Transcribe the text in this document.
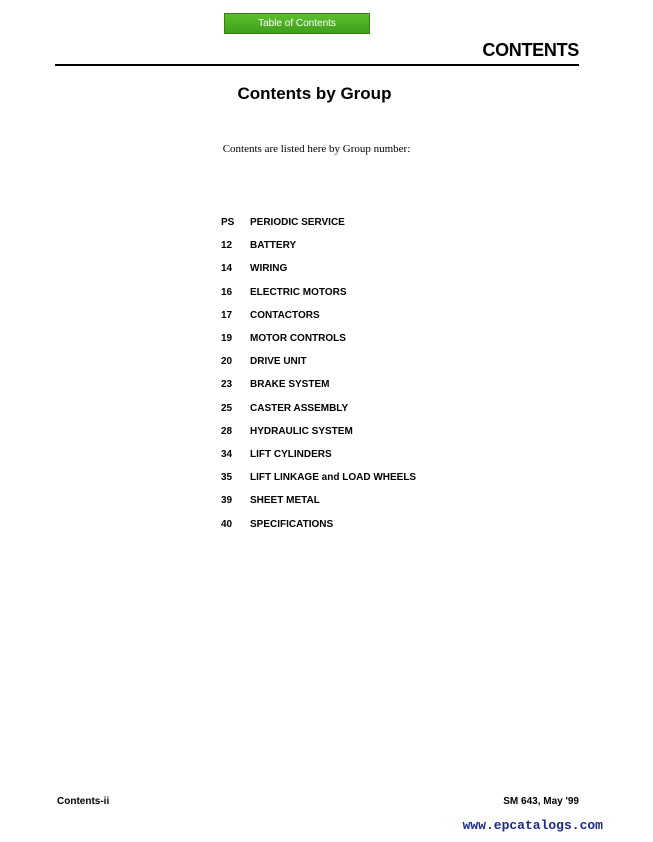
Table of Contents
CONTENTS
Contents by Group
Contents are listed here by Group number:
PS	PERIODIC SERVICE
12	BATTERY
14	WIRING
16	ELECTRIC MOTORS
17	CONTACTORS
19	MOTOR CONTROLS
20	DRIVE UNIT
23	BRAKE SYSTEM
25	CASTER ASSEMBLY
28	HYDRAULIC SYSTEM
34	LIFT CYLINDERS
35	LIFT LINKAGE and LOAD WHEELS
39	SHEET METAL
40	SPECIFICATIONS
Contents-ii	SM 643, May '99
www.epcatalogs.com
